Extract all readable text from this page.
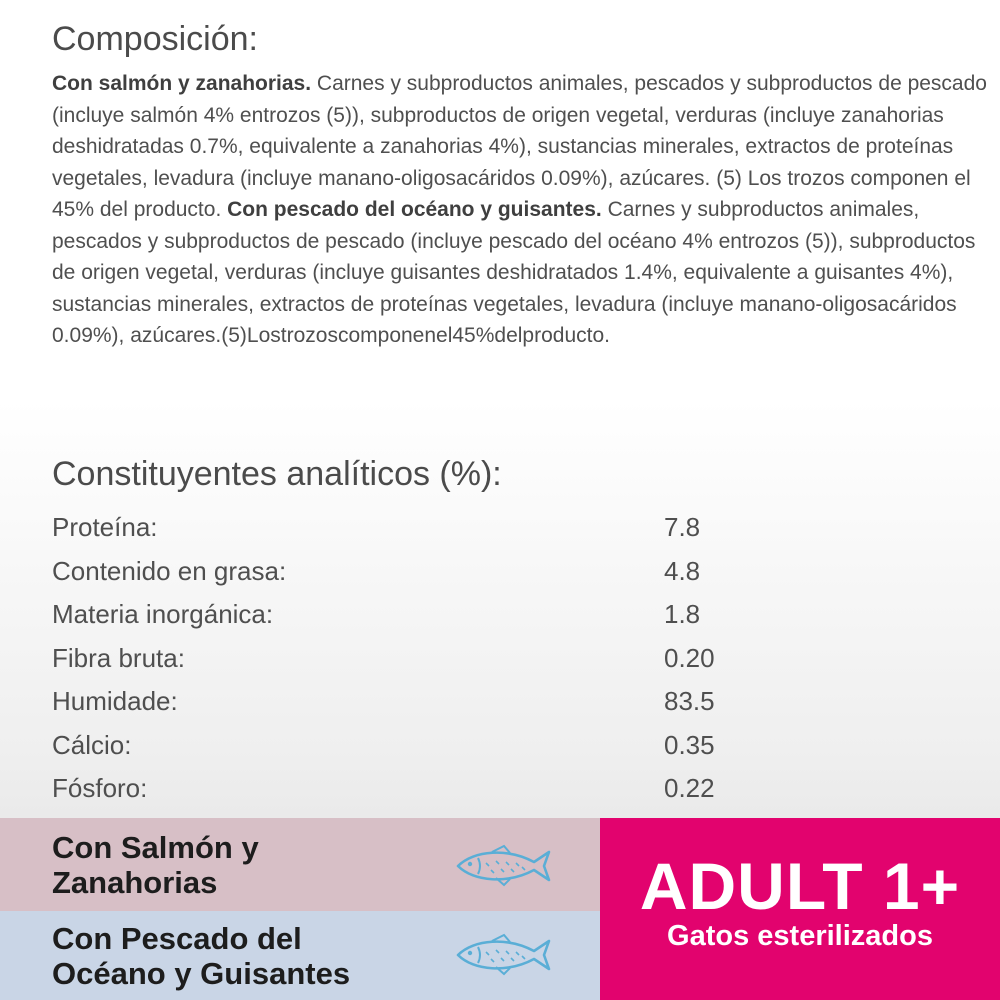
Composición:

Con salmón y zanahorias. Carnes y subproductos animales, pescados y subproductos de pescado (incluye salmón 4% entrozos (5)), subproductos de origen vegetal, verduras (incluye zanahorias deshidratadas 0.7%, equivalente a zanahorias 4%), sustancias minerales, extractos de proteínas vegetales, levadura (incluye manano-oligosacáridos 0.09%), azúcares. (5) Los trozos componen el 45% del producto. Con pescado del océano y guisantes. Carnes y subproductos animales, pescados y subproductos de pescado (incluye pescado del océano 4% entrozos (5)), subproductos de origen vegetal, verduras (incluye guisantes deshidratados 1.4%, equivalente a guisantes 4%), sustancias minerales, extractos de proteínas vegetales, levadura (incluye manano-oligosacáridos 0.09%), azúcares.(5)Lostrozoscomponenel45%delproducto.

Constituyentes analíticos (%):
Proteína:	7.8
Contenido en grasa:	4.8
Materia inorgánica:	1.8
Fibra bruta:	0.20
Humidade:	83.5
Cálcio:	0.35
Fósforo:	0.22
Con Salmón y
Zanahorias
Con Pescado del
Océano y Guisantes
ADULT 1+
Gatos esterilizados
